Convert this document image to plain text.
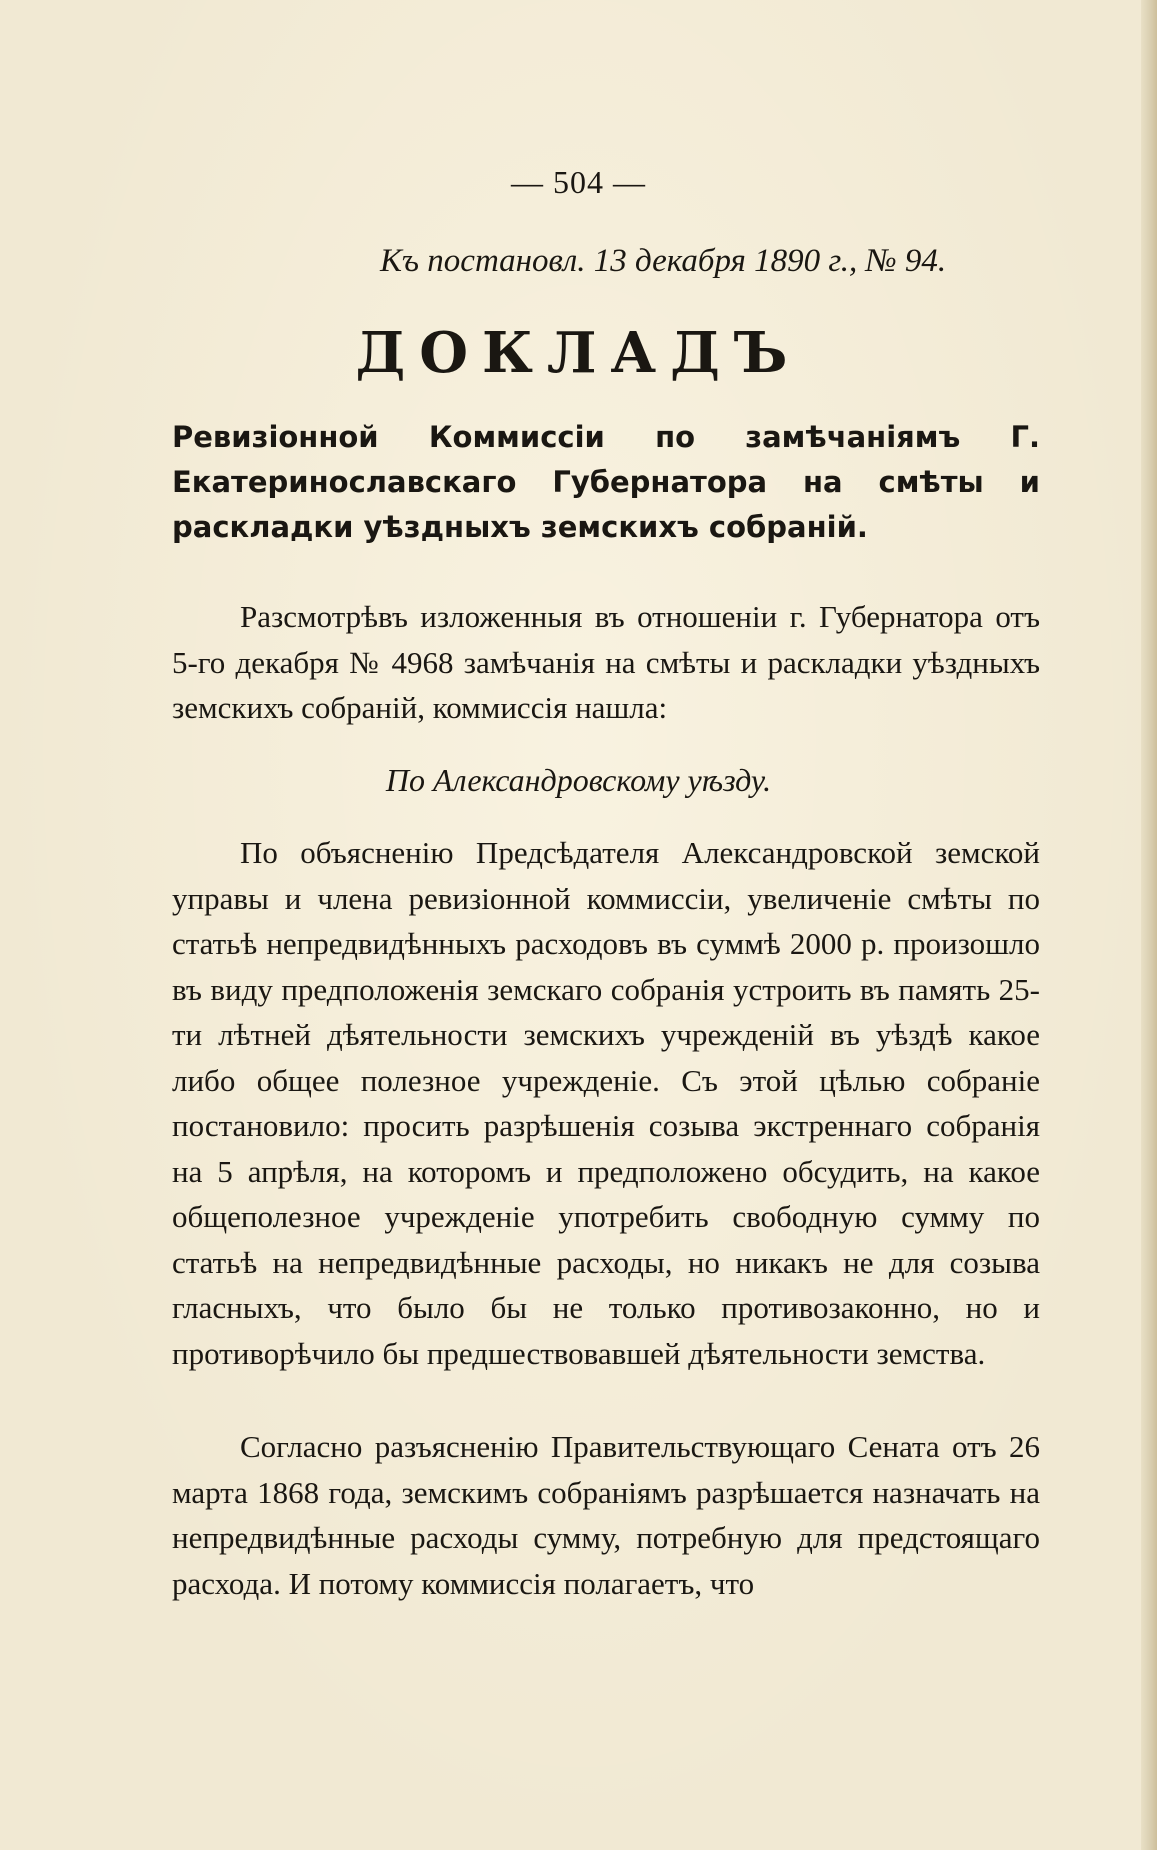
— 504 —
Къ постановл. 13 декабря 1890 г., № 94.
ДОКЛАДЪ
Ревизіонной Коммиссіи по замѣчаніямъ Г. Екатеринославскаго Губернатора на смѣты и раскладки уѣздныхъ земскихъ собраній.

Разсмотрѣвъ изложенныя въ отношеніи г. Губернатора отъ 5-го декабря № 4968 замѣчанія на смѣты и раскладки уѣздныхъ земскихъ собраній, коммиссія нашла:

По Александровскому уѣзду.

По объясненію Предсѣдателя Александровской земской управы и члена ревизіонной коммиссіи, увеличеніе смѣты по статьѣ непредвидѣнныхъ расходовъ въ суммѣ 2000 р. произошло въ виду предположенія земскаго собранія устроить въ память 25-ти лѣтней дѣятельности земскихъ учрежденій въ уѣздѣ какое либо общее полезное учрежденіе. Съ этой цѣлью собраніе постановило: просить разрѣшенія созыва экстреннаго собранія на 5 апрѣля, на которомъ и предположено обсудить, на какое общеполезное учрежденіе употребить свободную сумму по статьѣ на непредвидѣнные расходы, но никакъ не для созыва гласныхъ, что было бы не только противозаконно, но и противорѣчило бы предшествовавшей дѣятельности земства.

Согласно разъясненію Правительствующаго Сената отъ 26 марта 1868 года, земскимъ собраніямъ разрѣшается назначать на непредвидѣнные расходы сумму, потребную для предстоящаго расхода. И потому коммиссія полагаетъ, что
